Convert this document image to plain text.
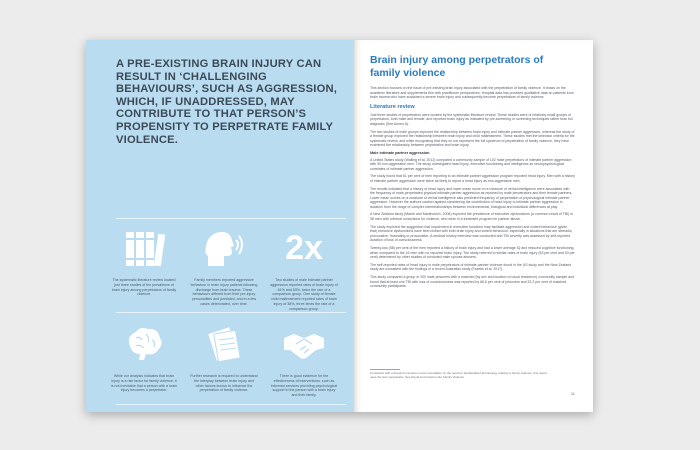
A PRE-EXISTING BRAIN INJURY CAN RESULT IN ‘CHALLENGING BEHAVIOURS’, SUCH AS AGGRESSION, WHICH, IF UNADDRESSED, MAY CONTRIBUTE TO THAT PERSON’S PROPENSITY TO PERPETRATE FAMILY VIOLENCE.

The systematic literature review located just three studies of the prevalence of brain injury among perpetrators of family violence.
Family members reported aggressive behaviour in brain injury patients following discharge from brain trauma. These behaviours differed from their pre-injury personalities and persisted, and in a few cases deteriorated, over time.
2x
Two studies of male intimate partner aggression reported rates of brain injury of 61% and 53%, twice the rate of a comparison group. One study of female child maltreatment reported rates of brain injury of 38%, three times the rate of a comparison group.
While our analysis indicates that brain injury is a risk factor for family violence, it is not inevitable that a person with a brain injury becomes a perpetrator.
Further research is required to understand the interplay between brain injury and other factors known to influence the perpetration of family violence.
There is good evidence for the effectiveness of interventions, such as informed services providing psychological support to the person with a brain injury and their family.
Brain injury among perpetrators of family violence

This section focuses on the issue of pre-existing brain injury associated with the perpetration of family violence. It draws on the academic literature and supplements this with practitioner perspectives. Hospital data has provided qualitative data on patients from brain trauma who have sustained a severe brain injury and subsequently become perpetrators of family violence.

Literature review

Just three studies of perpetration were located by the systematic literature review. These studies were of relatively small groups of perpetrators, both male and female, and reported brain injury as indicated by pre-screening or screening techniques rather than full diagnosis (See Annex A).

The two studies of male groups explored the relationship between brain injury and intimate partner aggression, whereas the study of a female group explored the relationship between brain injury and child maltreatment. These studies met the selection criteria for the systematic review, and while recognising that they do not represent the full spectrum of perpetration of family violence, they have examined the relationship between perpetration and brain injury.

Male intimate partner aggression

A United States study (Walling et al, 2012) compared a community sample of 102 male perpetrators of intimate partner aggression with 90 non-aggressive men. The study investigated head injury, executive functioning and intelligence as neuropsychological correlates of intimate partner aggression.

The study found that 61 per cent of men reporting to an intimate partner aggression program reported head injury. Men with a history of intimate partner aggression were twice as likely to report a head injury as non-aggressive men.

The results indicated that a history of head injury and lower mean score on a measure of verbal intelligence were associated with the frequency of male-perpetrated physical intimate partner aggression as reported by male perpetrators and their female partners. Lower mean scores on a measure of verbal intelligence also predicted frequency of perpetration of psychological intimate partner aggression. However the authors caution against considering the contribution of head injury to intimate partner aggression in isolation from the range of complex interrelationships between environmental, biological and individual differences at play.

A New Zealand study (Marsh and Martinovich, 2006) explored the prevalence of executive dysfunctions (a common result of TBI) in 38 men with criminal convictions for violence, who were in a treatment program for partner abuse.

The study explored the suggestion that impairment in executive functions may facilitate aggression and violent behaviour (given that) executive dysfunctions have been linked with both brain injury and violent behaviour, especially in situations that are stressful, provocative, frustrating or provocative. A medical history interview was conducted and TBI severity was assessed by self-reported duration of loss of consciousness.

Twenty-two (58) per cent of the men reported a history of brain injury and had a lower average IQ and reduced cognitive functioning, when compared to the 16 men with no reported brain injury. The study referred to similar rates of brain injury (53 per cent and 53 per cent) determined by other studies of convicted male spouse abusers.

The self-reported rates of head injury in male perpetrators of intimate partner violence found in the US study and the New Zealand study are consistent with the findings of a recent Australian study (Fazeks et al, 2017).

This study compared a group of 200 male prisoners with a matched (by sex and location of usual residence) community sample and found that at least one TBI with loss of consciousness was reported by 68.6 per cent of prisoners and 32.2 per cent of matched community participants.

Consistent with a Royal Commission recommendation on the need for standardised terminology relating to family violence, this report uses the term perpetrator. See Royal Commission into Family Violence.
11
